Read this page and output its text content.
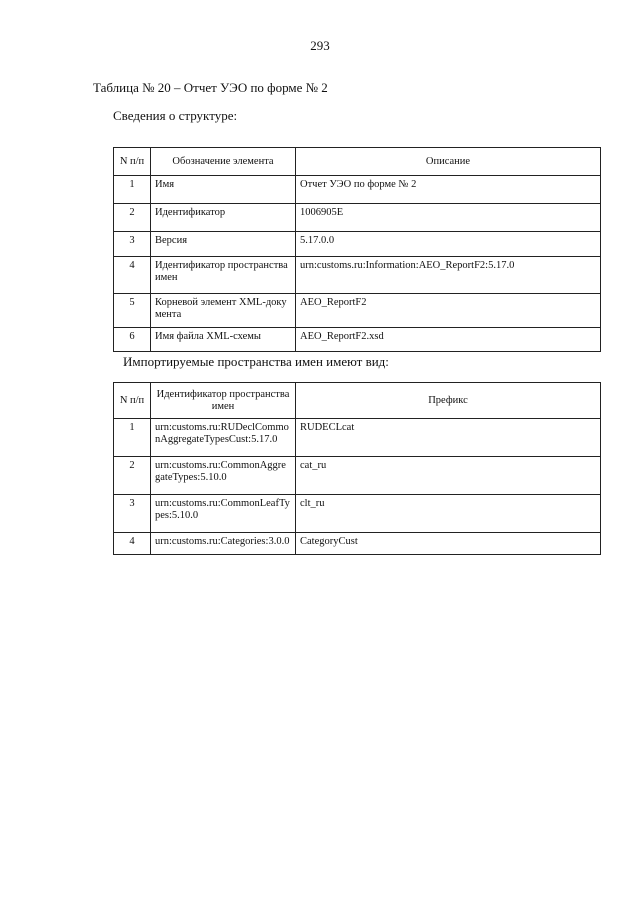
293
Таблица № 20 – Отчет УЭО по форме № 2
Сведения о структуре:
N п/п	Обозначение элемента	Описание
1	Имя	Отчет УЭО по форме № 2
2	Идентификатор	1006905E
3	Версия	5.17.0.0
4	Идентификатор пространства имен	urn:customs.ru:Information:AEO_ReportF2:5.17.0
5	Корневой элемент XML-документа	AEO_ReportF2
6	Имя файла XML-схемы	AEO_ReportF2.xsd
Импортируемые пространства имен имеют вид:
N п/п	Идентификатор пространства имен	Префикс
1	urn:customs.ru:RUDeclCommonAggregateTypesCust:5.17.0	RUDECLcat
2	urn:customs.ru:CommonAggregateTypes:5.10.0	cat_ru
3	urn:customs.ru:CommonLeafTypes:5.10.0	clt_ru
4	urn:customs.ru:Categories:3.0.0	CategoryCust
